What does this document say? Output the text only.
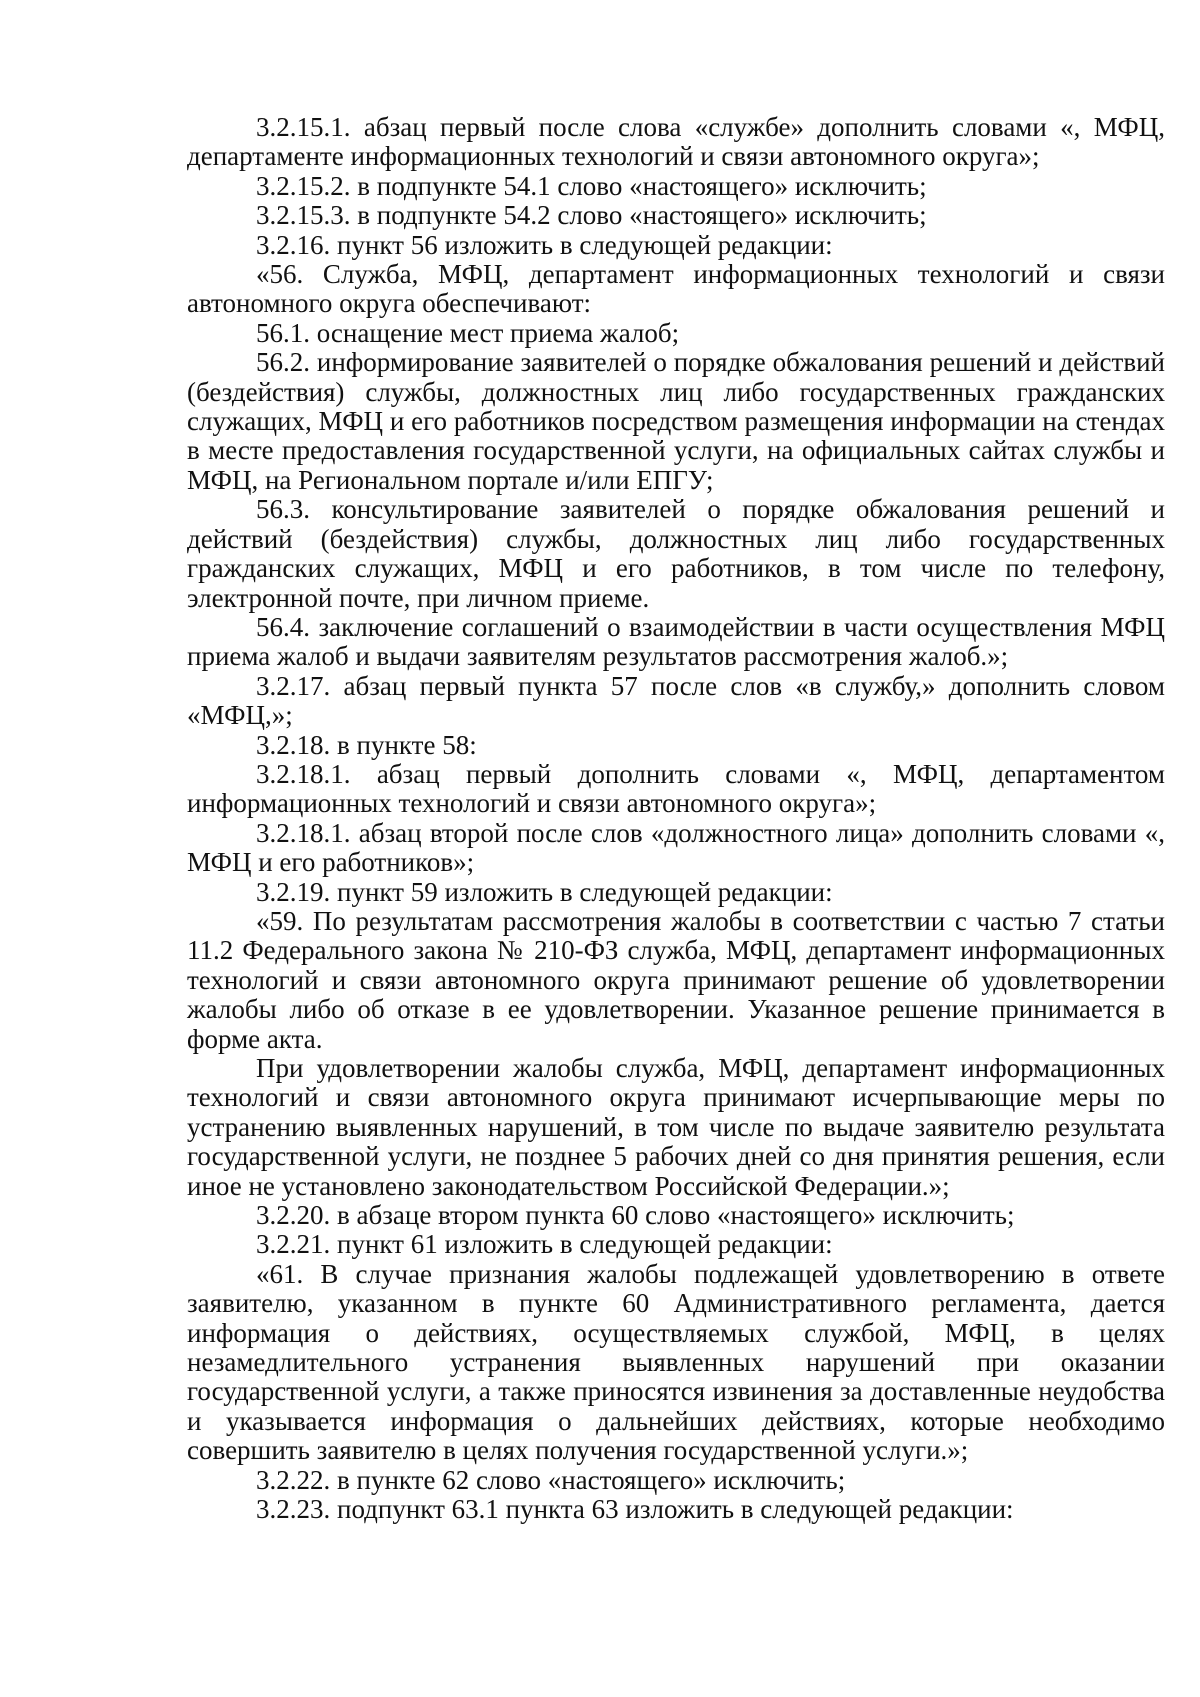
3.2.15.1. абзац первый после слова «службе» дополнить словами «, МФЦ, департаменте информационных технологий и связи автономного округа»;

3.2.15.2. в подпункте 54.1 слово «настоящего» исключить;

3.2.15.3. в подпункте 54.2 слово «настоящего» исключить;

3.2.16. пункт 56 изложить в следующей редакции:

«56. Служба, МФЦ, департамент информационных технологий и связи автономного округа обеспечивают:

56.1. оснащение мест приема жалоб;

56.2. информирование заявителей о порядке обжалования решений и действий (бездействия) службы, должностных лиц либо государственных гражданских служащих, МФЦ и его работников посредством размещения информации на стендах в месте предоставления государственной услуги, на официальных сайтах службы и МФЦ, на Региональном портале и/или ЕПГУ;

56.3. консультирование заявителей о порядке обжалования решений и действий (бездействия) службы, должностных лиц либо государственных гражданских служащих, МФЦ и его работников, в том числе по телефону, электронной почте, при личном приеме.

56.4. заключение соглашений о взаимодействии в части осуществления МФЦ приема жалоб и выдачи заявителям результатов рассмотрения жалоб.»;

3.2.17. абзац первый пункта 57 после слов «в службу,» дополнить словом «МФЦ,»;

3.2.18. в пункте 58:

3.2.18.1. абзац первый дополнить словами «, МФЦ, департаментом информационных технологий и связи автономного округа»;

3.2.18.1. абзац второй после слов «должностного лица» дополнить словами «, МФЦ и его работников»;

3.2.19. пункт 59 изложить в следующей редакции:

«59. По результатам рассмотрения жалобы в соответствии с частью 7 статьи 11.2 Федерального закона № 210-ФЗ служба, МФЦ, департамент информационных технологий и связи автономного округа принимают решение об удовлетворении жалобы либо об отказе в ее удовлетворении. Указанное решение принимается в форме акта.

При удовлетворении жалобы служба, МФЦ, департамент информационных технологий и связи автономного округа принимают исчерпывающие меры по устранению выявленных нарушений, в том числе по выдаче заявителю результата государственной услуги, не позднее 5 рабочих дней со дня принятия решения, если иное не установлено законодательством Российской Федерации.»;

3.2.20. в абзаце втором пункта 60 слово «настоящего» исключить;

3.2.21. пункт 61 изложить в следующей редакции:

«61. В случае признания жалобы подлежащей удовлетворению в ответе заявителю, указанном в пункте 60 Административного регламента, дается информация о действиях, осуществляемых службой, МФЦ, в целях незамедлительного устранения выявленных нарушений при оказании государственной услуги, а также приносятся извинения за доставленные неудобства и указывается информация о дальнейших действиях, которые необходимо совершить заявителю в целях получения государственной услуги.»;

3.2.22. в пункте 62 слово «настоящего» исключить;

3.2.23. подпункт 63.1 пункта 63 изложить в следующей редакции:
